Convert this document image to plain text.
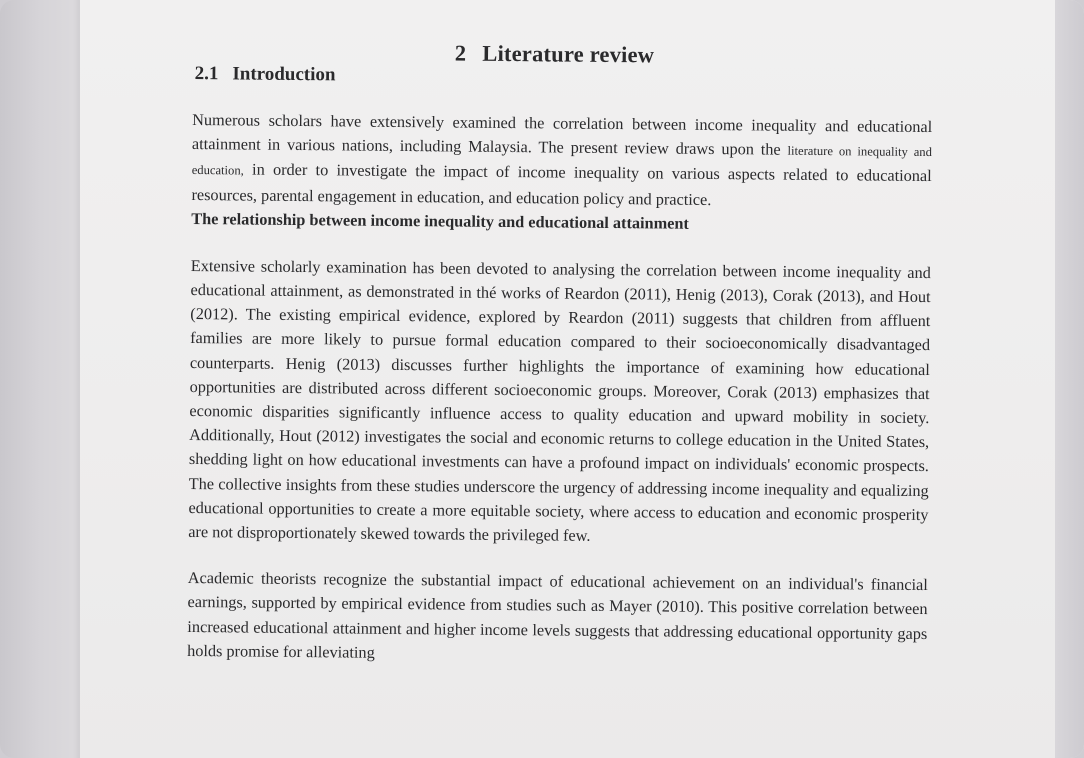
2 Literature review
2.1 Introduction

Numerous scholars have extensively examined the correlation between income inequality and educational attainment in various nations, including Malaysia. The present review draws upon the literature on inequality and education, in order to investigate the impact of income inequality on various aspects related to educational resources, parental engagement in education, and education policy and practice.

The relationship between income inequality and educational attainment

Extensive scholarly examination has been devoted to analysing the correlation between income inequality and educational attainment, as demonstrated in thé works of Reardon (2011), Henig (2013), Corak (2013), and Hout (2012). The existing empirical evidence, explored by Reardon (2011) suggests that children from affluent families are more likely to pursue formal education compared to their socioeconomically disadvantaged counterparts. Henig (2013) discusses further highlights the importance of examining how educational opportunities are distributed across different socioeconomic groups. Moreover, Corak (2013) emphasizes that economic disparities significantly influence access to quality education and upward mobility in society. Additionally, Hout (2012) investigates the social and economic returns to college education in the United States, shedding light on how educational investments can have a profound impact on individuals' economic prospects. The collective insights from these studies underscore the urgency of addressing income inequality and equalizing educational opportunities to create a more equitable society, where access to education and economic prosperity are not disproportionately skewed towards the privileged few.

Academic theorists recognize the substantial impact of educational achievement on an individual's financial earnings, supported by empirical evidence from studies such as Mayer (2010). This positive correlation between increased educational attainment and higher income levels suggests that addressing educational opportunity gaps holds promise for alleviating
